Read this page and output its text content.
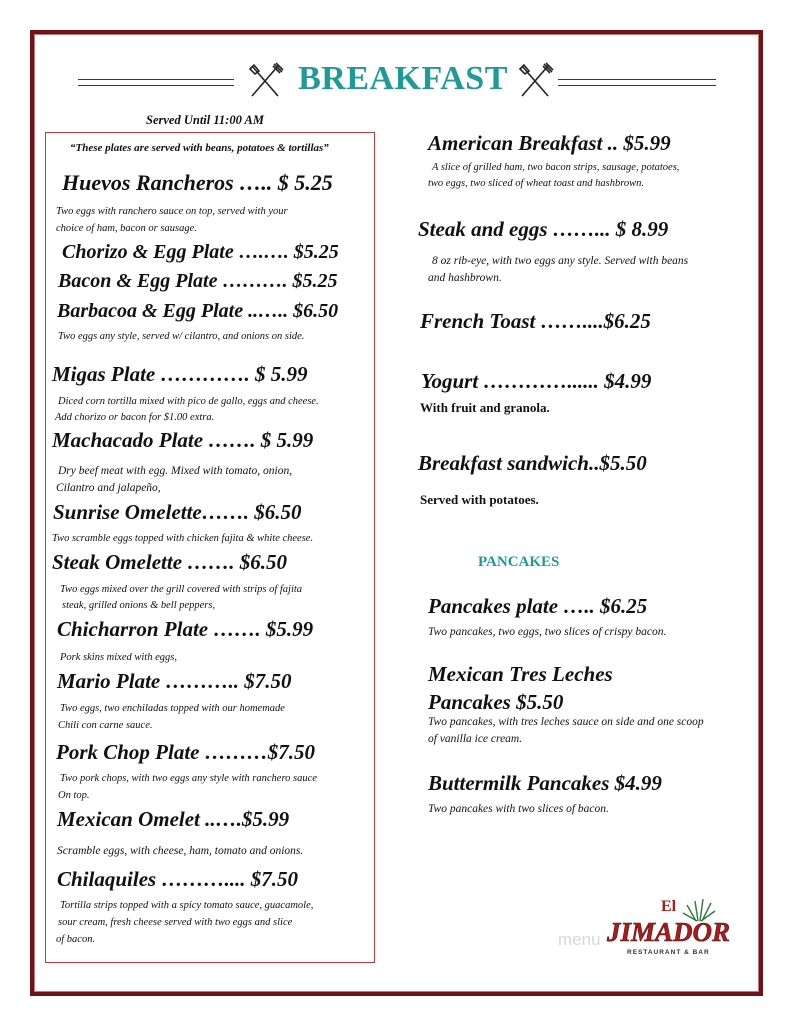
BREAKFAST
Served Until 11:00 AM
“These plates are served with beans, potatoes & tortillas”
Huevos Rancheros ….. $ 5.25
Two eggs with ranchero sauce on top, served with your
choice of ham, bacon or sausage.
Chorizo & Egg Plate ….…. $5.25
Bacon & Egg Plate ………. $5.25
Barbacoa & Egg Plate ..….. $6.50
Two eggs any style, served w/ cilantro, and onions on side.
Migas Plate …………. $ 5.99
Diced corn tortilla mixed with pico de gallo, eggs and cheese.
Add chorizo or bacon for $1.00 extra.
Machacado Plate ……. $ 5.99
Dry beef meat with egg. Mixed with tomato, onion,
Cilantro and jalapeño,
Sunrise Omelette……. $6.50
Two scramble eggs topped with chicken fajita & white cheese.
Steak Omelette ……. $6.50
Two eggs mixed over the grill covered with strips of fajita
steak, grilled onions & bell peppers,
Chicharron Plate ……. $5.99
Pork skins mixed with eggs,
Mario Plate ……….. $7.50
Two eggs, two enchiladas topped with our homemade
Chili con carne sauce.
Pork Chop Plate ………$7.50
Two pork chops, with two eggs any style with ranchero sauce
On top.
Mexican Omelet ..….$5.99
Scramble eggs, with cheese, ham, tomato and onions.
Chilaquiles ……….... $7.50
Tortilla strips topped with a spicy tomato sauce, guacamole,
sour cream, fresh cheese served with two eggs and slice
of bacon.
American Breakfast .. $5.99
A slice of grilled ham, two bacon strips, sausage, potatoes,
two eggs, two sliced of wheat toast and hashbrown.
Steak and eggs ……... $ 8.99
8 oz rib-eye, with two eggs any style. Served with beans
and hashbrown.
French Toast ……....$6.25
Yogurt …………...... $4.99
With fruit and granola.
Breakfast sandwich..$5.50
Served with potatoes.
PANCAKES
Pancakes plate ….. $6.25
Two pancakes, two eggs, two slices of crispy bacon.
Mexican Tres Leches
Pancakes $5.50
Two pancakes, with tres leches sauce on side and one scoop
of vanilla ice cream.
Buttermilk Pancakes $4.99
Two pancakes with two slices of bacon.
menu
El
JIMADOR
RESTAURANT & BAR
